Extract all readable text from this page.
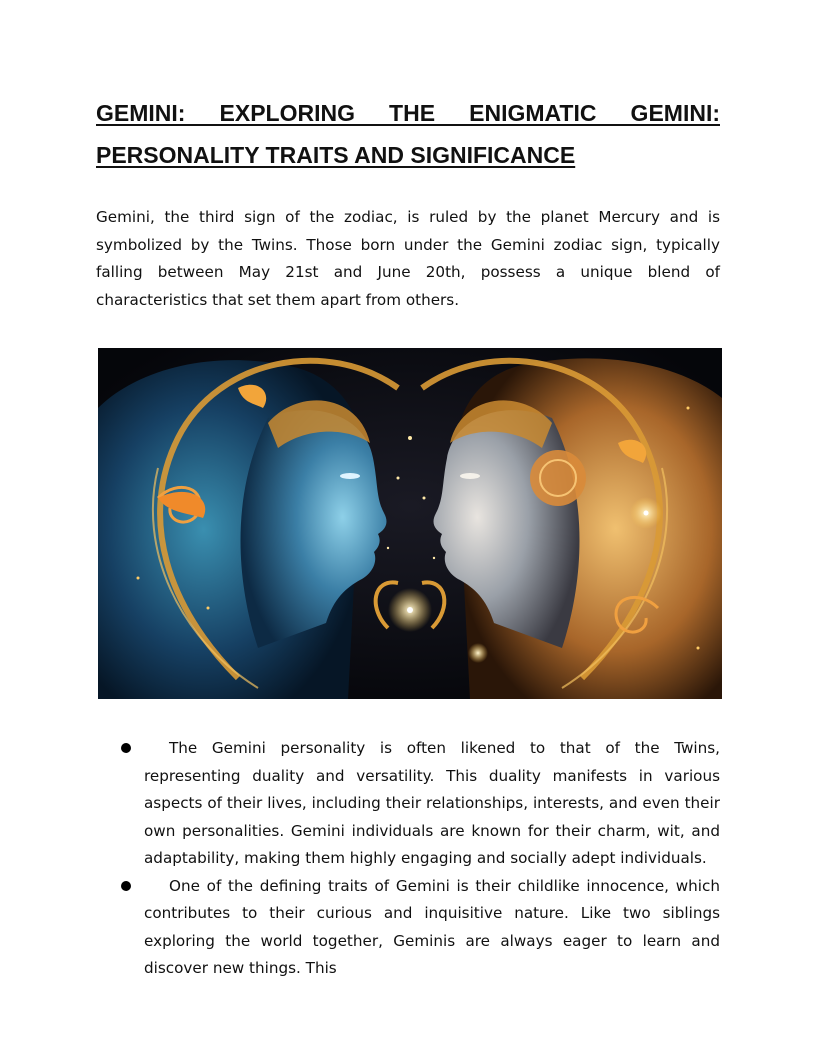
GEMINI: EXPLORING THE ENIGMATIC GEMINI: PERSONALITY TRAITS AND SIGNIFICANCE

Gemini, the third sign of the zodiac, is ruled by the planet Mercury and is symbolized by the Twins. Those born under the Gemini zodiac sign, typically falling between May 21st and June 20th, possess a unique blend of characteristics that set them apart from others.

The Gemini personality is often likened to that of the Twins, representing duality and versatility. This duality manifests in various aspects of their lives, including their relationships, interests, and even their own personalities. Gemini individuals are known for their charm, wit, and adaptability, making them highly engaging and socially adept individuals.
One of the defining traits of Gemini is their childlike innocence, which contributes to their curious and inquisitive nature. Like two siblings exploring the world together, Geminis are always eager to learn and discover new things. This
